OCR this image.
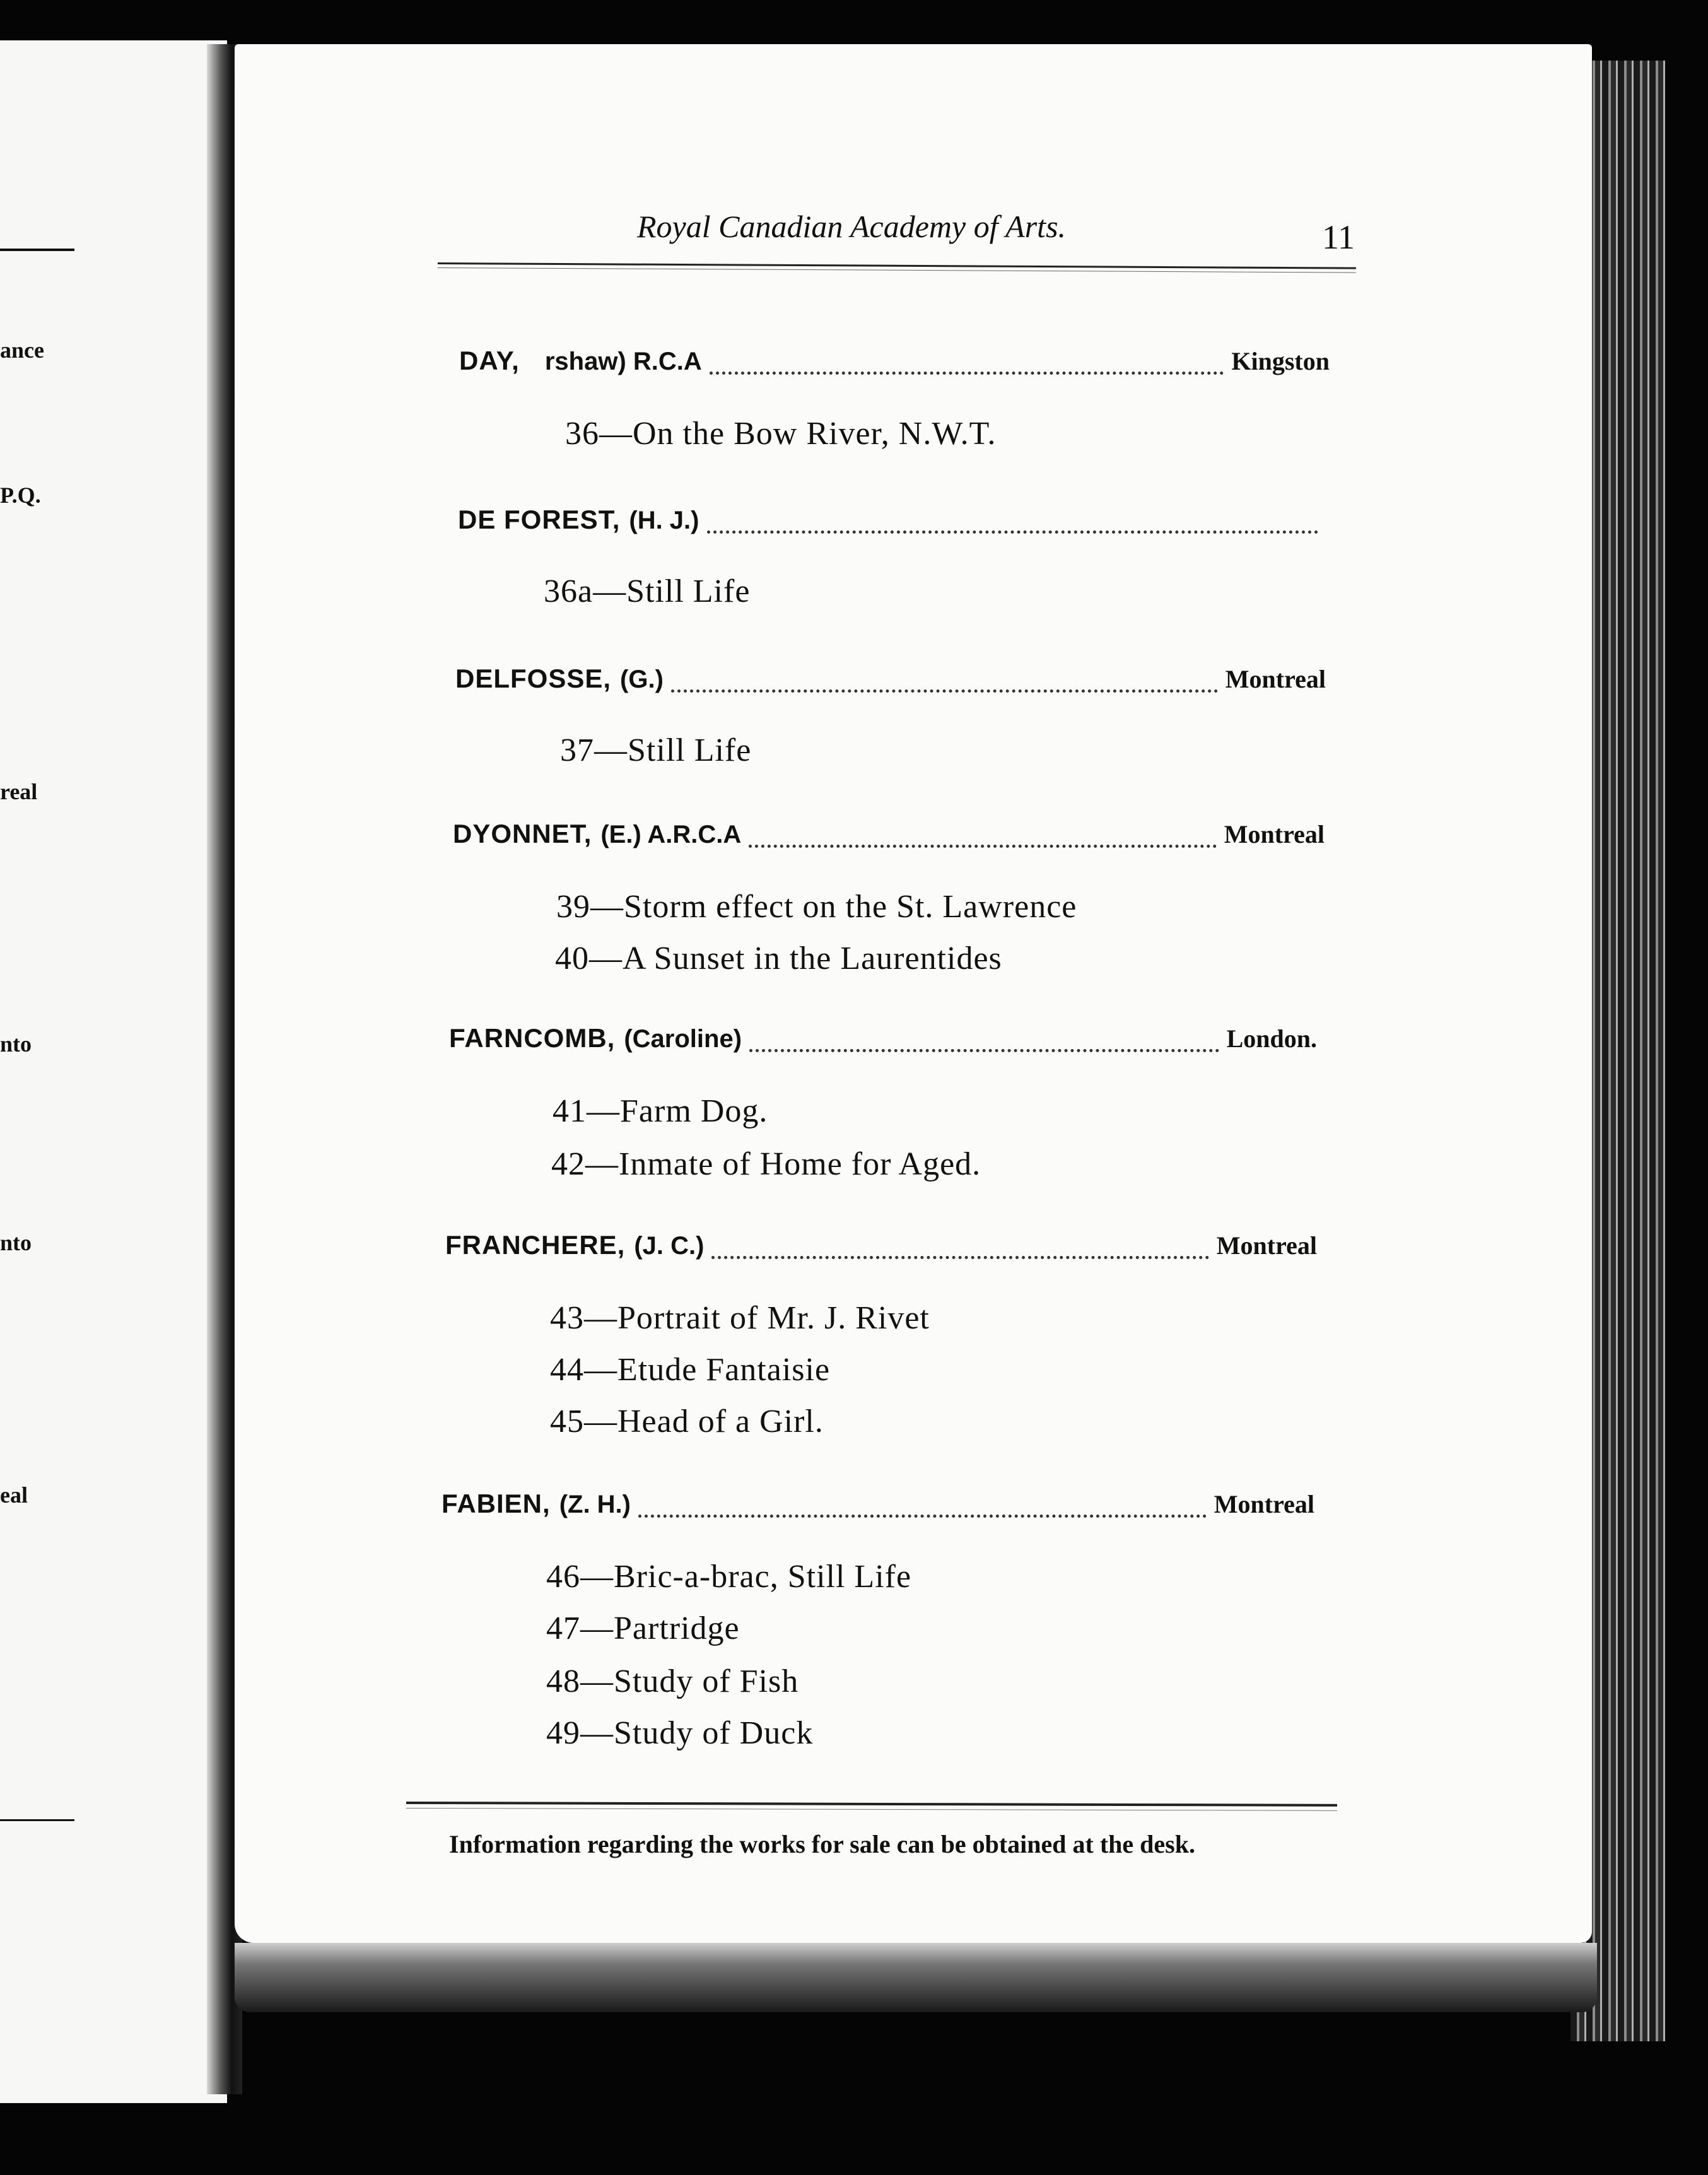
ance
P.Q.
real
nto
nto
eal
Royal Canadian Academy of Arts.	11
DAY, rshaw) R.C.A	Kingston
36—On the Bow River, N.W.T.
DE FOREST, (H. J.)
36a—Still Life
DELFOSSE, (G.)	Montreal
37—Still Life
DYONNET, (E.) A.R.C.A	Montreal
39—Storm effect on the St. Lawrence
40—A Sunset in the Laurentides
FARNCOMB, (Caroline)	London.
41—Farm Dog.
42—Inmate of Home for Aged.
FRANCHERE, (J. C.)	Montreal
43—Portrait of Mr. J. Rivet
44—Etude Fantaisie
45—Head of a Girl.
FABIEN, (Z. H.)	Montreal
46—Bric-a-brac, Still Life
47—Partridge
48—Study of Fish
49—Study of Duck
Information regarding the works for sale can be obtained at the desk.
